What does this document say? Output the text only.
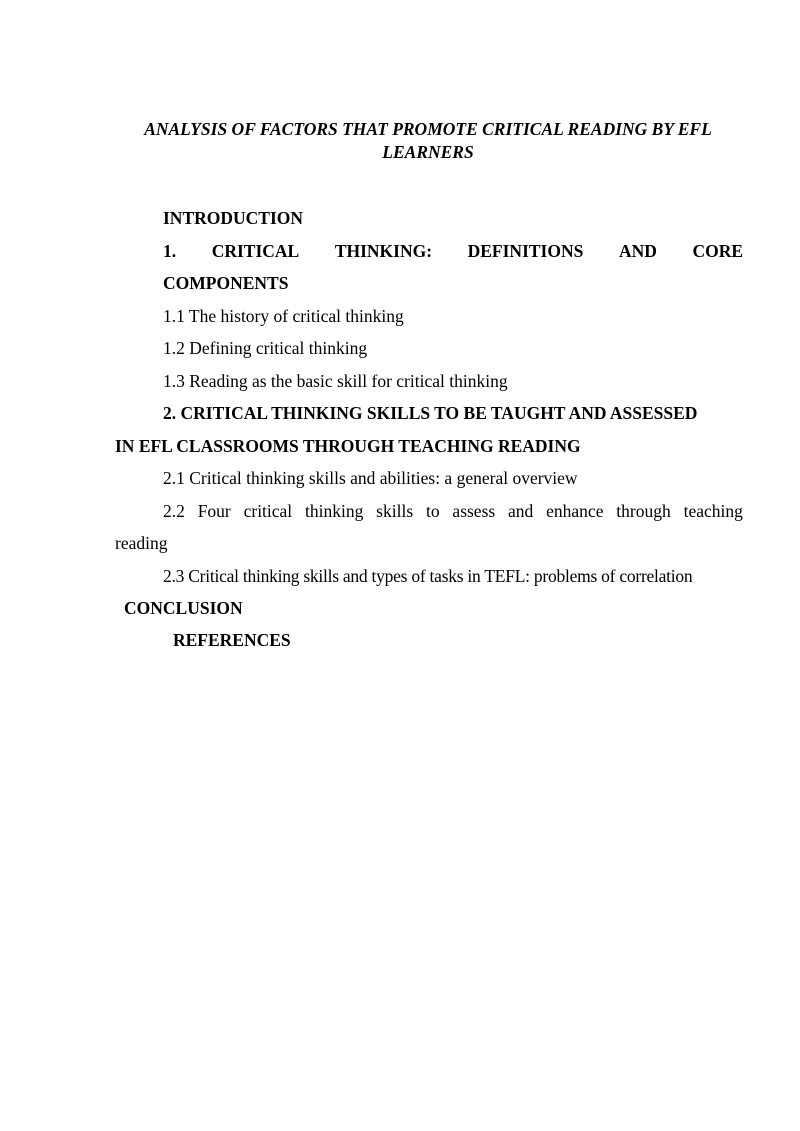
ANALYSIS OF FACTORS THAT PROMOTE CRITICAL READING BY EFL LEARNERS

INTRODUCTION
1. CRITICAL THINKING: DEFINITIONS AND CORE
COMPONENTS
1.1 The history of critical thinking
1.2 Defining critical thinking
1.3 Reading as the basic skill for critical thinking
2. CRITICAL THINKING SKILLS TO BE TAUGHT AND ASSESSED
IN EFL CLASSROOMS THROUGH TEACHING READING
2.1 Critical thinking skills and abilities: a general overview
2.2 Four critical thinking skills to assess and enhance through teaching
reading
2.3 Critical thinking skills and types of tasks in TEFL: problems of correlation
CONCLUSION
REFERENCES
